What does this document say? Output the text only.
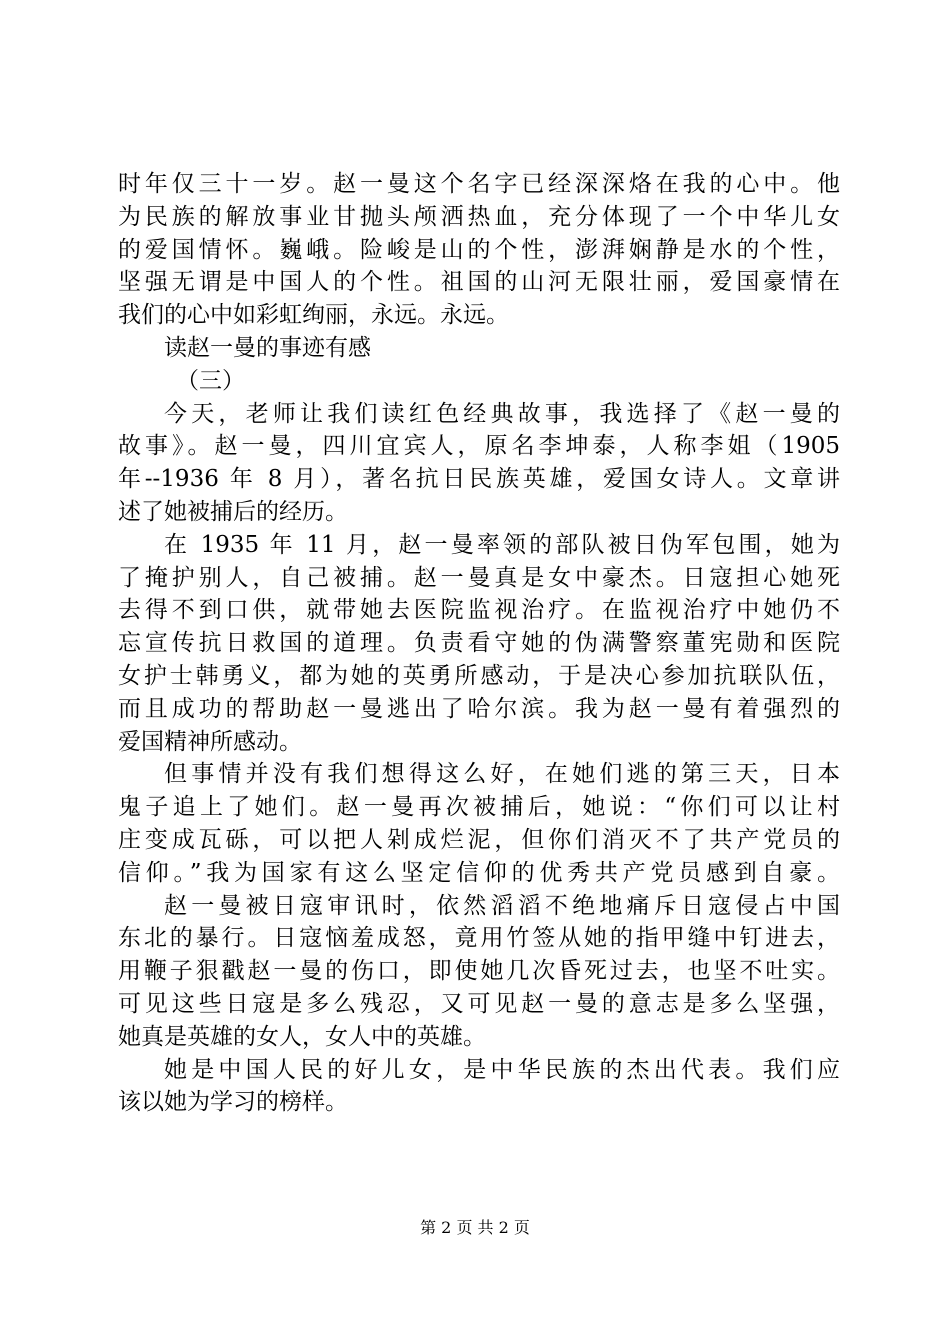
时年仅三十一岁。赵一曼这个名字已经深深烙在我的心中。他
为民族的解放事业甘抛头颅洒热血，充分体现了一个中华儿女
的爱国情怀。巍峨。险峻是山的个性，澎湃娴静是水的个性，
坚强无谓是中国人的个性。祖国的山河无限壮丽，爱国豪情在
我们的心中如彩虹绚丽，永远。永远。
读赵一曼的事迹有感
（三）
今天，老师让我们读红色经典故事，我选择了《赵一曼的
故事》。赵一曼，四川宜宾人，原名李坤泰，人称李姐（1905
年--1936 年 8 月），著名抗日民族英雄，爱国女诗人。文章讲
述了她被捕后的经历。
在 1935 年 11 月，赵一曼率领的部队被日伪军包围，她为
了掩护别人，自己被捕。赵一曼真是女中豪杰。日寇担心她死
去得不到口供，就带她去医院监视治疗。在监视治疗中她仍不
忘宣传抗日救国的道理。负责看守她的伪满警察董宪勋和医院
女护士韩勇义，都为她的英勇所感动，于是决心参加抗联队伍，
而且成功的帮助赵一曼逃出了哈尔滨。我为赵一曼有着强烈的
爱国精神所感动。
但事情并没有我们想得这么好，在她们逃的第三天，日本
鬼子追上了她们。赵一曼再次被捕后，她说：“你们可以让村
庄变成瓦砾，可以把人剁成烂泥，但你们消灭不了共产党员的
信仰。”我为国家有这么坚定信仰的优秀共产党员感到自豪。
赵一曼被日寇审讯时，依然滔滔不绝地痛斥日寇侵占中国
东北的暴行。日寇恼羞成怒，竟用竹签从她的指甲缝中钉进去，
用鞭子狠戳赵一曼的伤口，即使她几次昏死过去，也坚不吐实。
可见这些日寇是多么残忍，又可见赵一曼的意志是多么坚强，
她真是英雄的女人，女人中的英雄。
她是中国人民的好儿女，是中华民族的杰出代表。我们应
该以她为学习的榜样。
第 2 页 共 2 页
